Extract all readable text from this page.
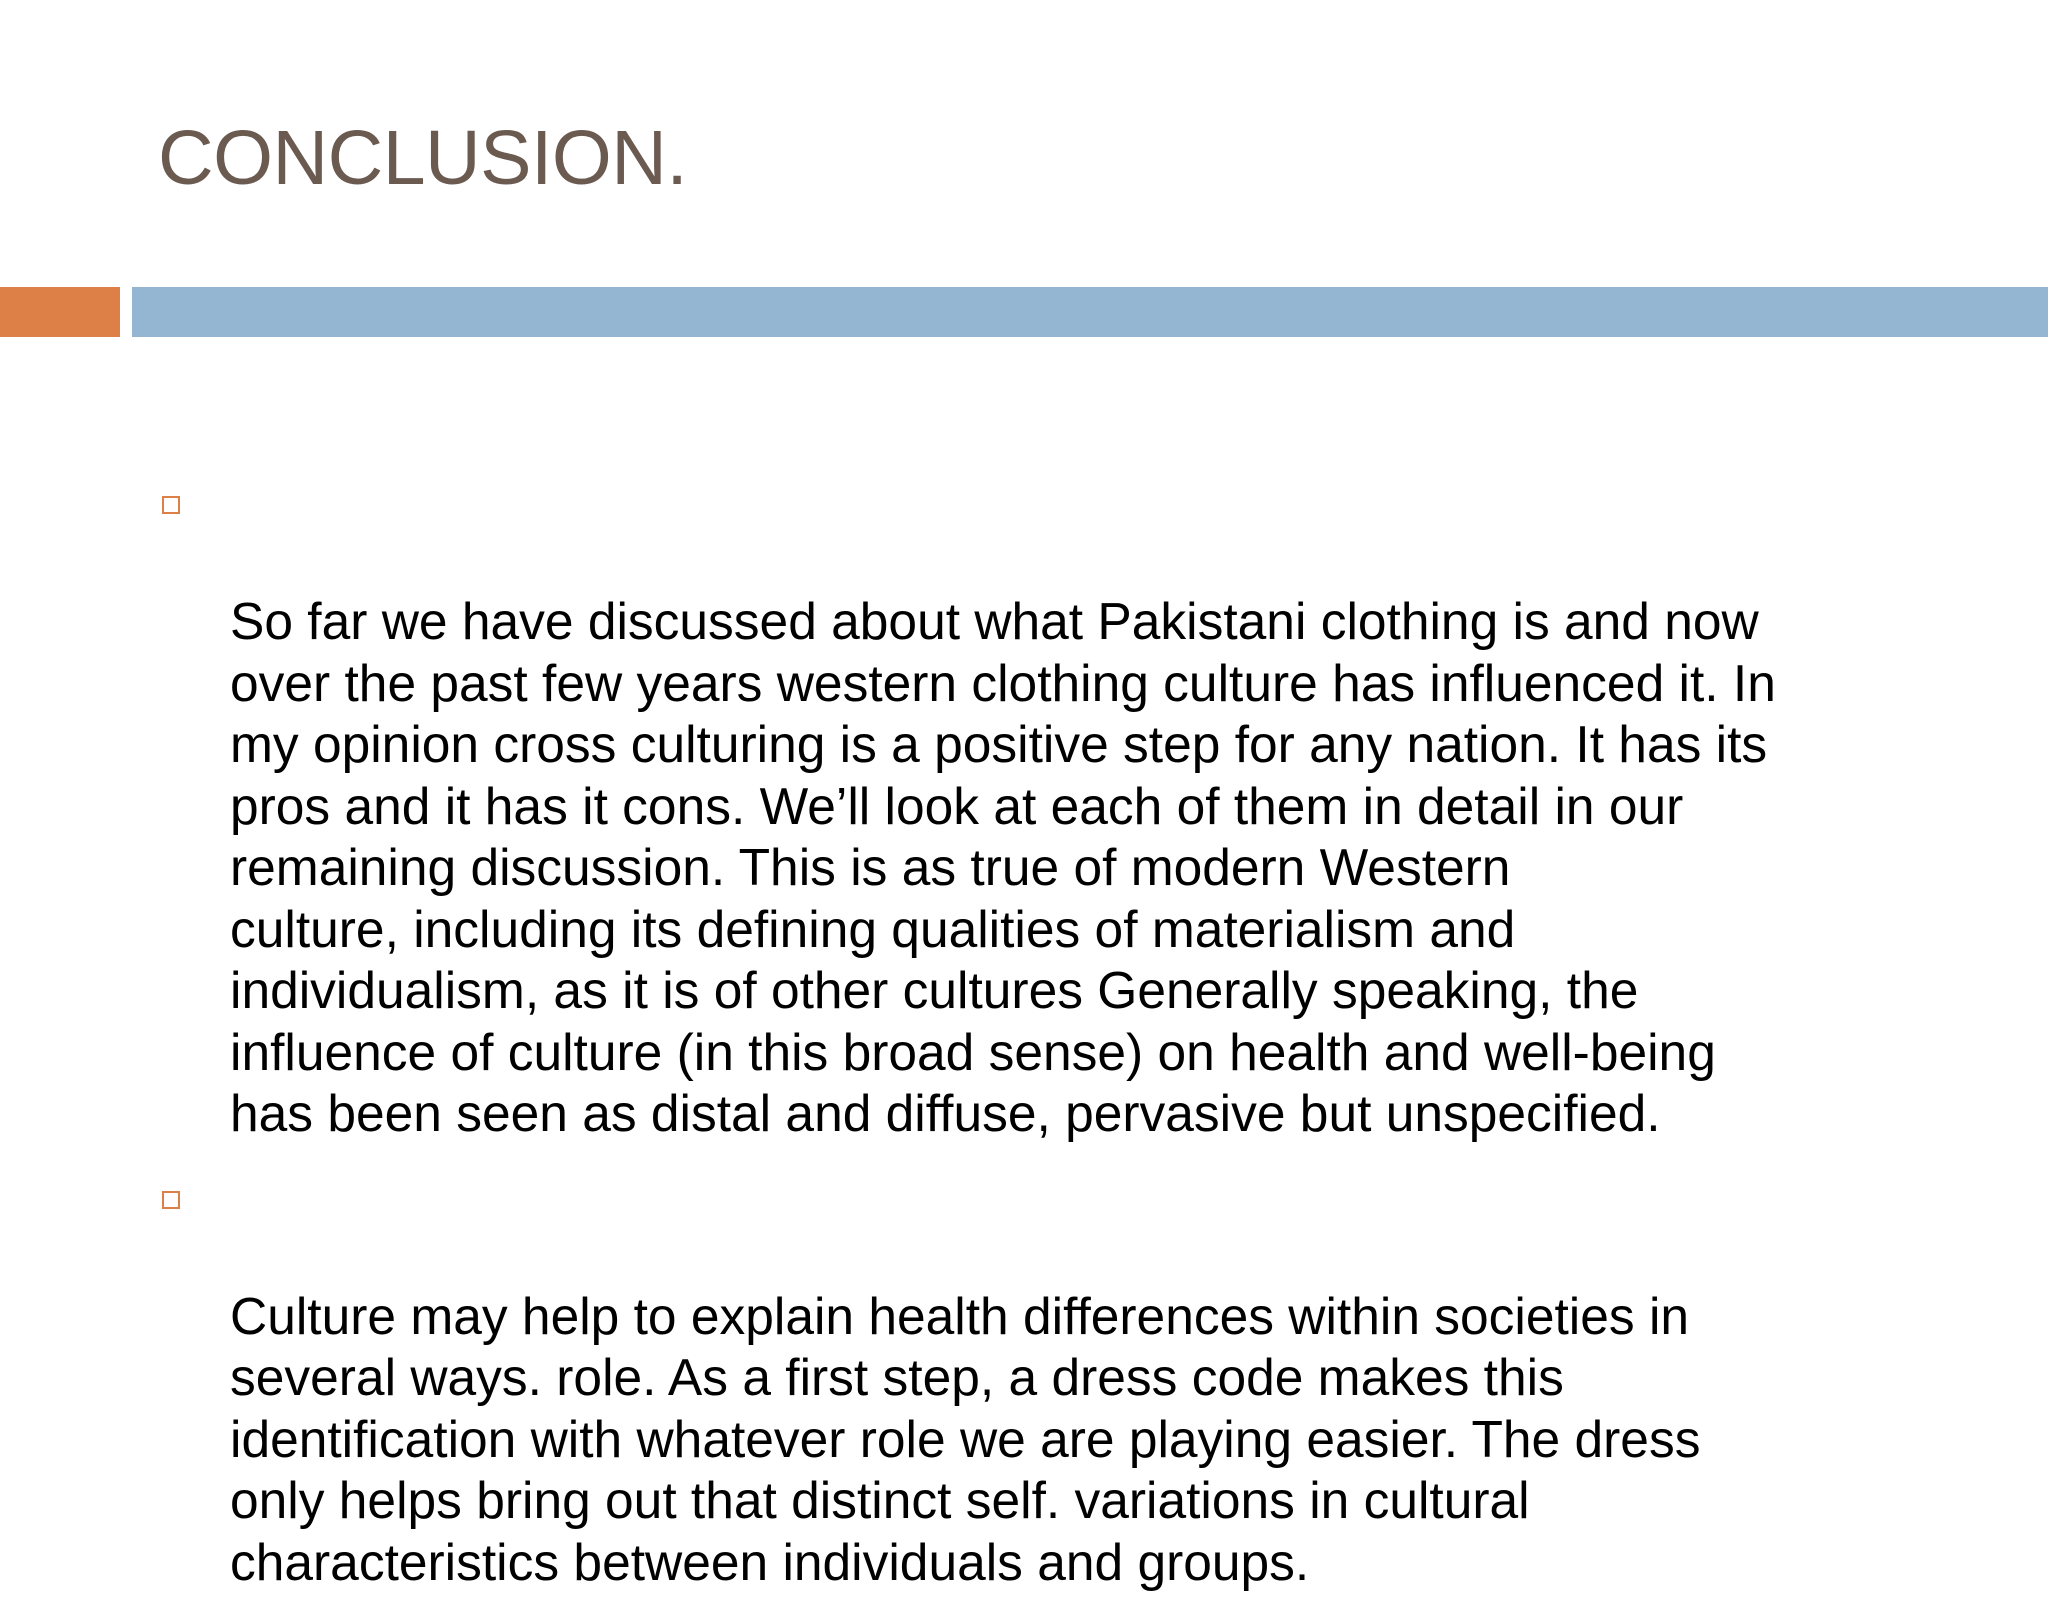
CONCLUSION.

So far we have discussed about what Pakistani clothing is and now
over the past few years western clothing culture has influenced it. In
my opinion cross culturing is a positive step for any nation. It has its
pros and it has it cons. We’ll look at each of them in detail in our
remaining discussion. This is as true of modern Western
culture, including its defining qualities of materialism and
individualism, as it is of other cultures Generally speaking, the
influence of culture (in this broad sense) on health and well-being
has been seen as distal and diffuse, pervasive but unspecified.

Culture may help to explain health differences within societies in
several ways. role. As a first step, a dress code makes this
identification with whatever role we are playing easier. The dress
only helps bring out that distinct self. variations in cultural
characteristics between individuals and groups.
